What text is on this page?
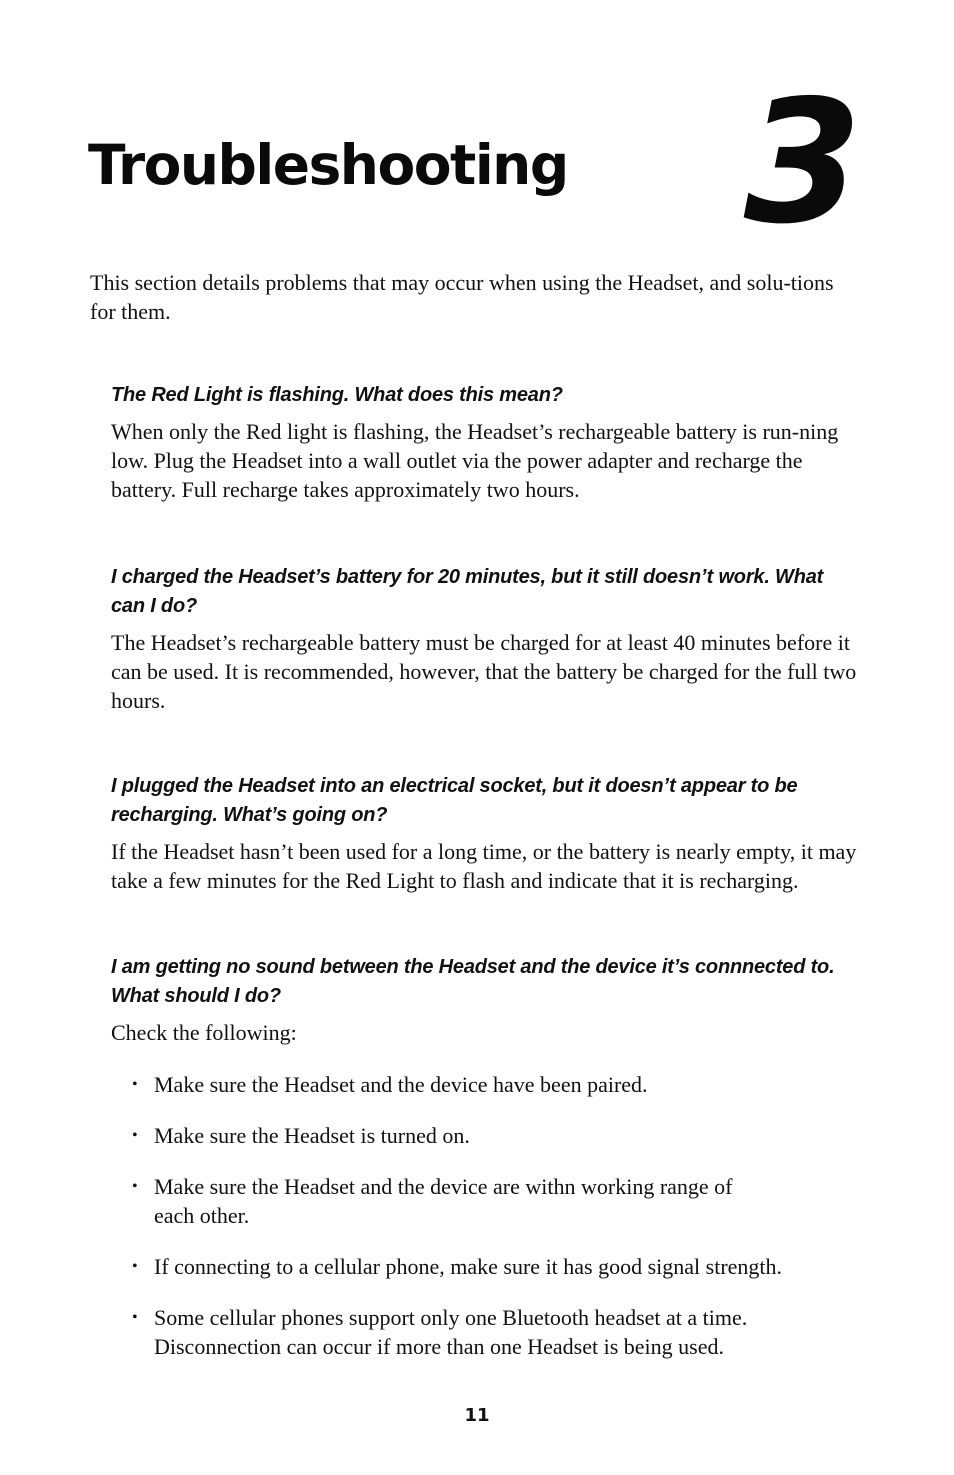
Troubleshooting 3

This section details problems that may occur when using the Headset, and solu-tions for them.

The Red Light is flashing. What does this mean?

When only the Red light is flashing, the Headset’s rechargeable battery is run-ning low. Plug the Headset into a wall outlet via the power adapter and recharge the battery. Full recharge takes approximately two hours.

I charged the Headset’s battery for 20 minutes, but it still doesn’t work. What can I do?

The Headset’s rechargeable battery must be charged for at least 40 minutes before it can be used. It is recommended, however, that the battery be charged for the full two hours.

I plugged the Headset into an electrical socket, but it doesn’t appear to be recharging. What’s going on?

If the Headset hasn’t been used for a long time, or the battery is nearly empty, it may take a few minutes for the Red Light to flash and indicate that it is recharging.

I am getting no sound between the Headset and the device it’s connnected to. What should I do?

Check the following:

• Make sure the Headset and the device have been paired.
• Make sure the Headset is turned on.
• Make sure the Headset and the device are withn working range of each other.
• If connecting to a cellular phone, make sure it has good signal strength.
• Some cellular phones support only one Bluetooth headset at a time. Disconnection can occur if more than one Headset is being used.
11
